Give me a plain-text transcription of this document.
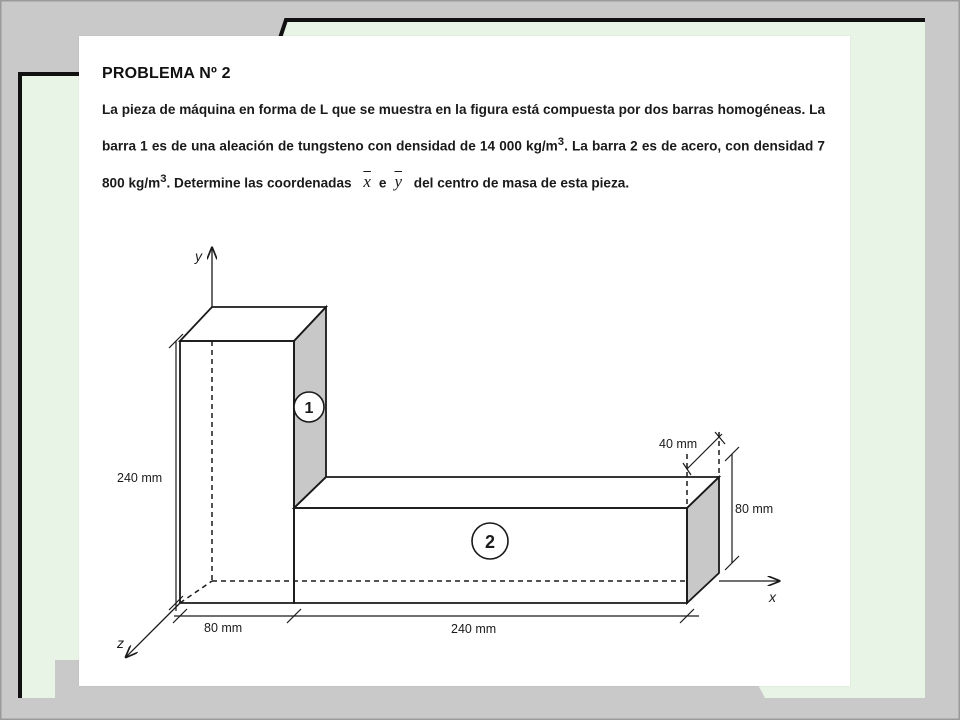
PROBLEMA Nº 2
La pieza de máquina en forma de L que se muestra en la figura está compuesta por dos barras homogéneas. La barra 1 es de una aleación de tungsteno con densidad de 14 000 $kg/m^3$. La barra 2 es de acero, con densidad 7 800 $kg/m^3$. Determine las coordenadas $\overline{x}$ e $\overline{y}$ del centro de masa de esta pieza.
y
x
z
240 mm
80 mm	240 mm
40 mm
80 mm
1
2
